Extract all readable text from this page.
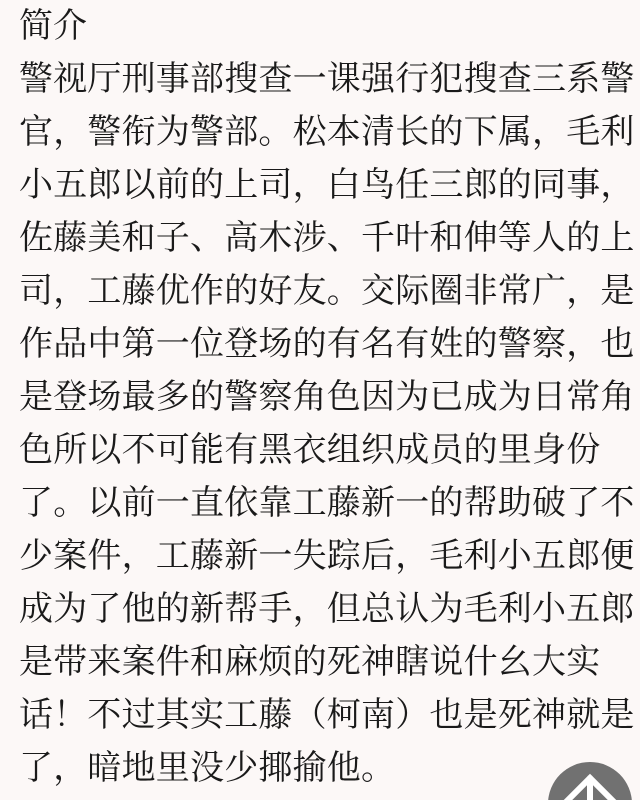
简介
警视厅刑事部搜查一课强行犯搜查三系警
官，警衔为警部。松本清长的下属，毛利
小五郎以前的上司，白鸟任三郎的同事，
佐藤美和子、高木涉、千叶和伸等人的上
司，工藤优作的好友。交际圈非常广，是
作品中第一位登场的有名有姓的警察，也
是登场最多的警察角色因为已成为日常角
色所以不可能有黑衣组织成员的里身份
了。以前一直依靠工藤新一的帮助破了不
少案件，工藤新一失踪后，毛利小五郎便
成为了他的新帮手，但总认为毛利小五郎
是带来案件和麻烦的死神瞎说什幺大实
话！不过其实工藤（柯南）也是死神就是
了，暗地里没少揶揄他。
